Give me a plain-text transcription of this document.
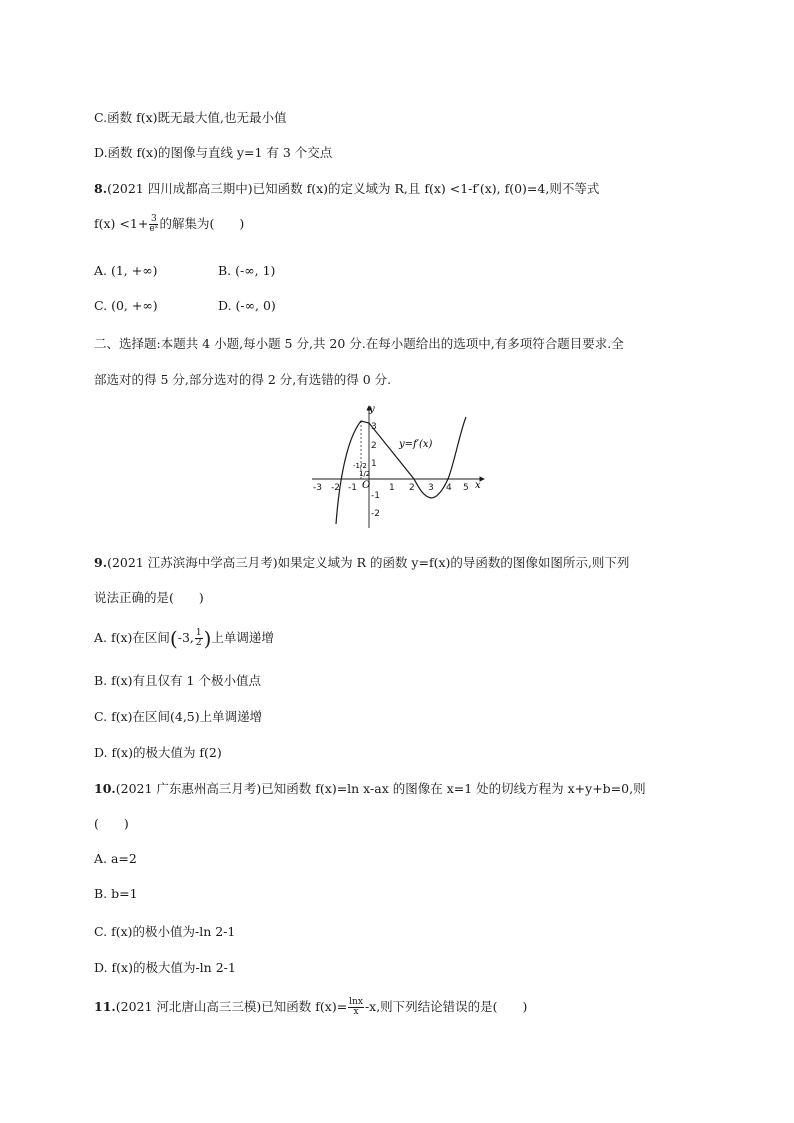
C.函数 f(x)既无最大值,也无最小值
D.函数 f(x)的图像与直线 y=1 有 3 个交点
8.(2021 四川成都高三期中)已知函数 f(x)的定义域为 R,且 f(x) <1-f′(x), f(0)=4,则不等式
$f(x) <1+ \frac{3}{\text{eˣ}}$ 的解集为(　　)
A. (1, +∞)	B. (-∞, 1)
C. (0, +∞)	D. (-∞, 0)
二、选择题:本题共 4 小题,每小题 5 分,共 20 分.在每小题给出的选项中,有多项符合题目要求.全
部选对的得 5 分,部分选对的得 2 分,有选错的得 0 分.
y
x
y=f′(x)
O
-3 -2 -1	1 2 3 4 5
3
2
1
-1
-2
-1/2
1/2
9.(2021 江苏滨海中学高三月考)如果定义域为 R 的函数 y=f(x)的导函数的图像如图所示,则下列
说法正确的是(　　)
A. f(x)在区间(-3, $\frac{1}{2}$ )上单调递增
B. f(x)有且仅有 1 个极小值点
C. f(x)在区间(4,5)上单调递增
D. f(x)的极大值为 f(2)
10.(2021 广东惠州高三月考)已知函数 f(x)=ln x-ax 的图像在 x=1 处的切线方程为 x+y+b=0,则
(　　)
A. a=2
B. b=1
C. f(x)的极小值为-ln 2-1
D. f(x)的极大值为-ln 2-1
11.(2021 河北唐山高三三模)已知函数 $f(x)= \frac{\ln x}{x} -x$,则下列结论错误的是(　　)
